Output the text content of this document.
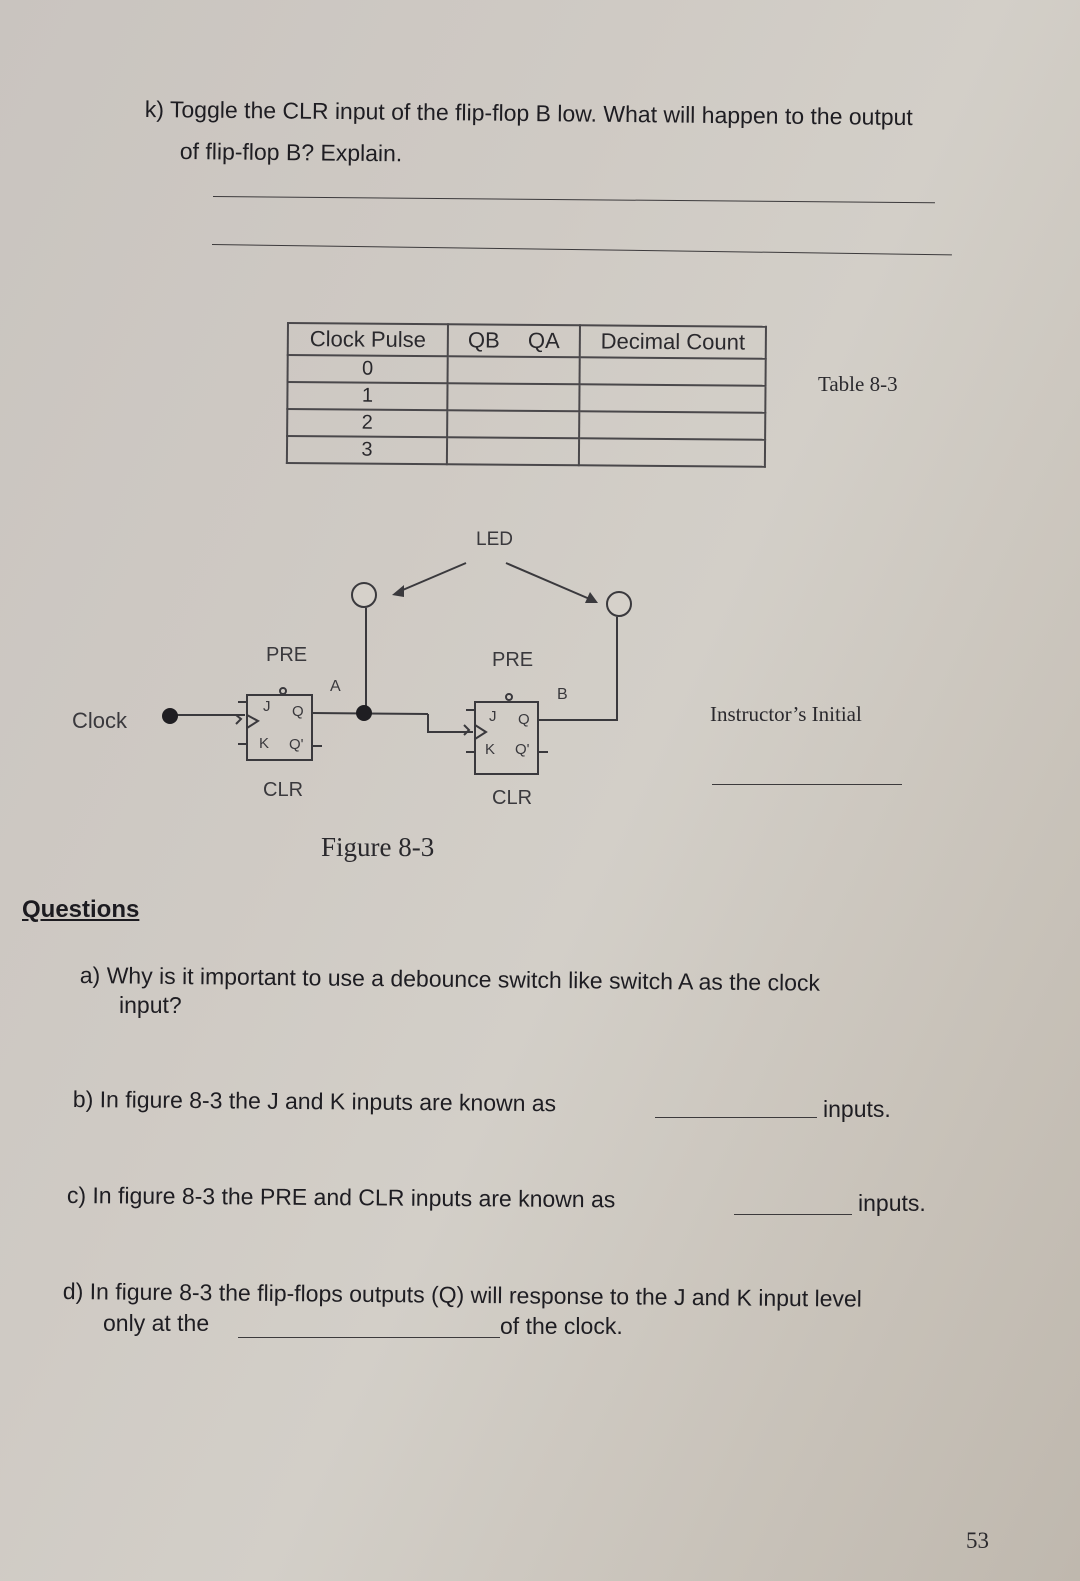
k) Toggle the CLR input of the flip-flop B low. What will happen to the output
of flip-flop B? Explain.
Clock Pulse	QB QA	Decimal Count
0		
1		
2		
3		
Table 8-3
LED
Clock
PRE
A
J Q
K Q'
CLR
PRE
B
J Q
K Q'
CLR
Figure 8-3
Instructor’s Initial
Questions
a) Why is it important to use a debounce switch like switch A as the clock
input?
b) In figure 8-3 the J and K inputs are known as	inputs.
c) In figure 8-3 the PRE and CLR inputs are known as	inputs.
d) In figure 8-3 the flip-flops outputs (Q) will response to the J and K input level
only at the	of the clock.
53
